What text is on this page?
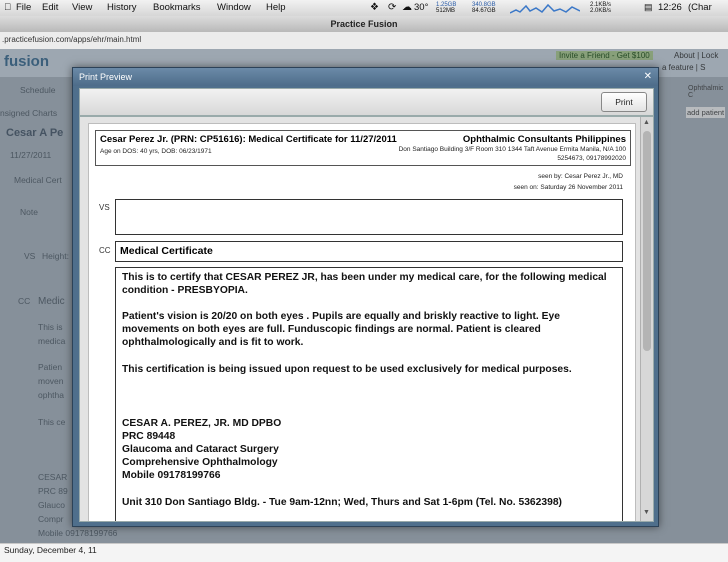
File Edit View History Bookmarks Window Help	❖ ⟳ ☁ 30° 1.25GB
512MB
340.8GB
84.67GB
2.1KB/s
2.0KB/s	▤ 12:26 (Char
Practice Fusion
.practicefusion.com/apps/ehr/main.html
fusion	Invite a Friend - Get $100	About | Lock
a feature | S
Schedule
nsigned Charts
Ophthalmic C
add patient
Cesar A Pe
11/27/2011
Medical Cert
Note
VS Height:
CC Medic
This is
medica
Patien
moven
ophtha
This ce
CESAR
PRC 89
Glauco
Compr
Mobile 09178199766
Print Preview	✕
Print
Cesar Perez Jr. (PRN: CP51616): Medical Certificate for 11/27/2011
Age on DOS: 40 yrs, DOB: 06/23/1971
Ophthalmic Consultants Philippines
Don Santiago Building 3/F Room 310 1344 Taft Avenue Ermita Manila, N/A 100
5254673, 09178992020
seen by: Cesar Perez Jr., MD
seen on: Saturday 26 November 2011
VS
CC Medical Certificate

This is to certify that CESAR PEREZ JR, has been under my medical care, for the following medical

condition - PRESBYOPIA.

Patient's vision is 20/20 on both eyes . Pupils are equally and briskly reactive to light. Eye

movements on both eyes are full. Funduscopic findings are normal. Patient is cleared

ophthalmologically and is fit to work.

This certification is being issued upon request to be used exclusively for medical purposes.

CESAR A. PEREZ, JR. MD DPBO

PRC 89448

Glaucoma and Cataract Surgery

Comprehensive Ophthalmology

Mobile 09178199766

Unit 310 Don Santiago Bldg. - Tue 9am-12nn; Wed, Thurs and Sat 1-6pm (Tel. No. 5362398)

▲
▼
Sunday, December 4, 11
